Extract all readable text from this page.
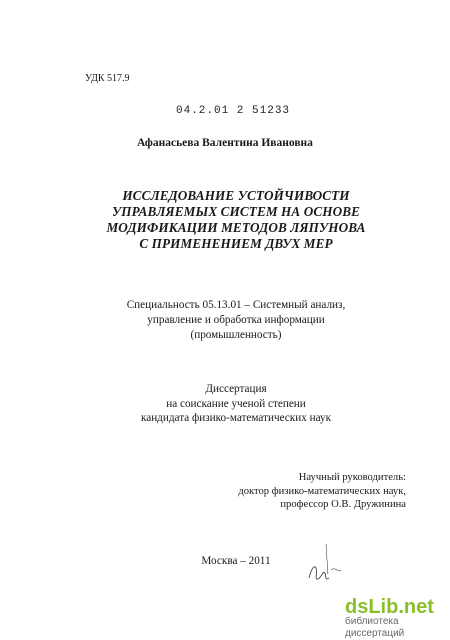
УДК 517.9
04.2.01 2 51233
Афанасьева Валентина Ивановна
ИССЛЕДОВАНИЕ УСТОЙЧИВОСТИ
УПРАВЛЯЕМЫХ СИСТЕМ НА ОСНОВЕ
МОДИФИКАЦИИ МЕТОДОВ ЛЯПУНОВА
С ПРИМЕНЕНИЕМ ДВУХ МЕР
Специальность 05.13.01 – Системный анализ,
управление и обработка информации
(промышленность)
Диссертация
на соискание ученой степени
кандидата физико-математических наук
Научный руководитель:
доктор физико-математических наук,
профессор О.В. Дружинина
Москва – 2011
dsLib.net
библиотека диссертаций
